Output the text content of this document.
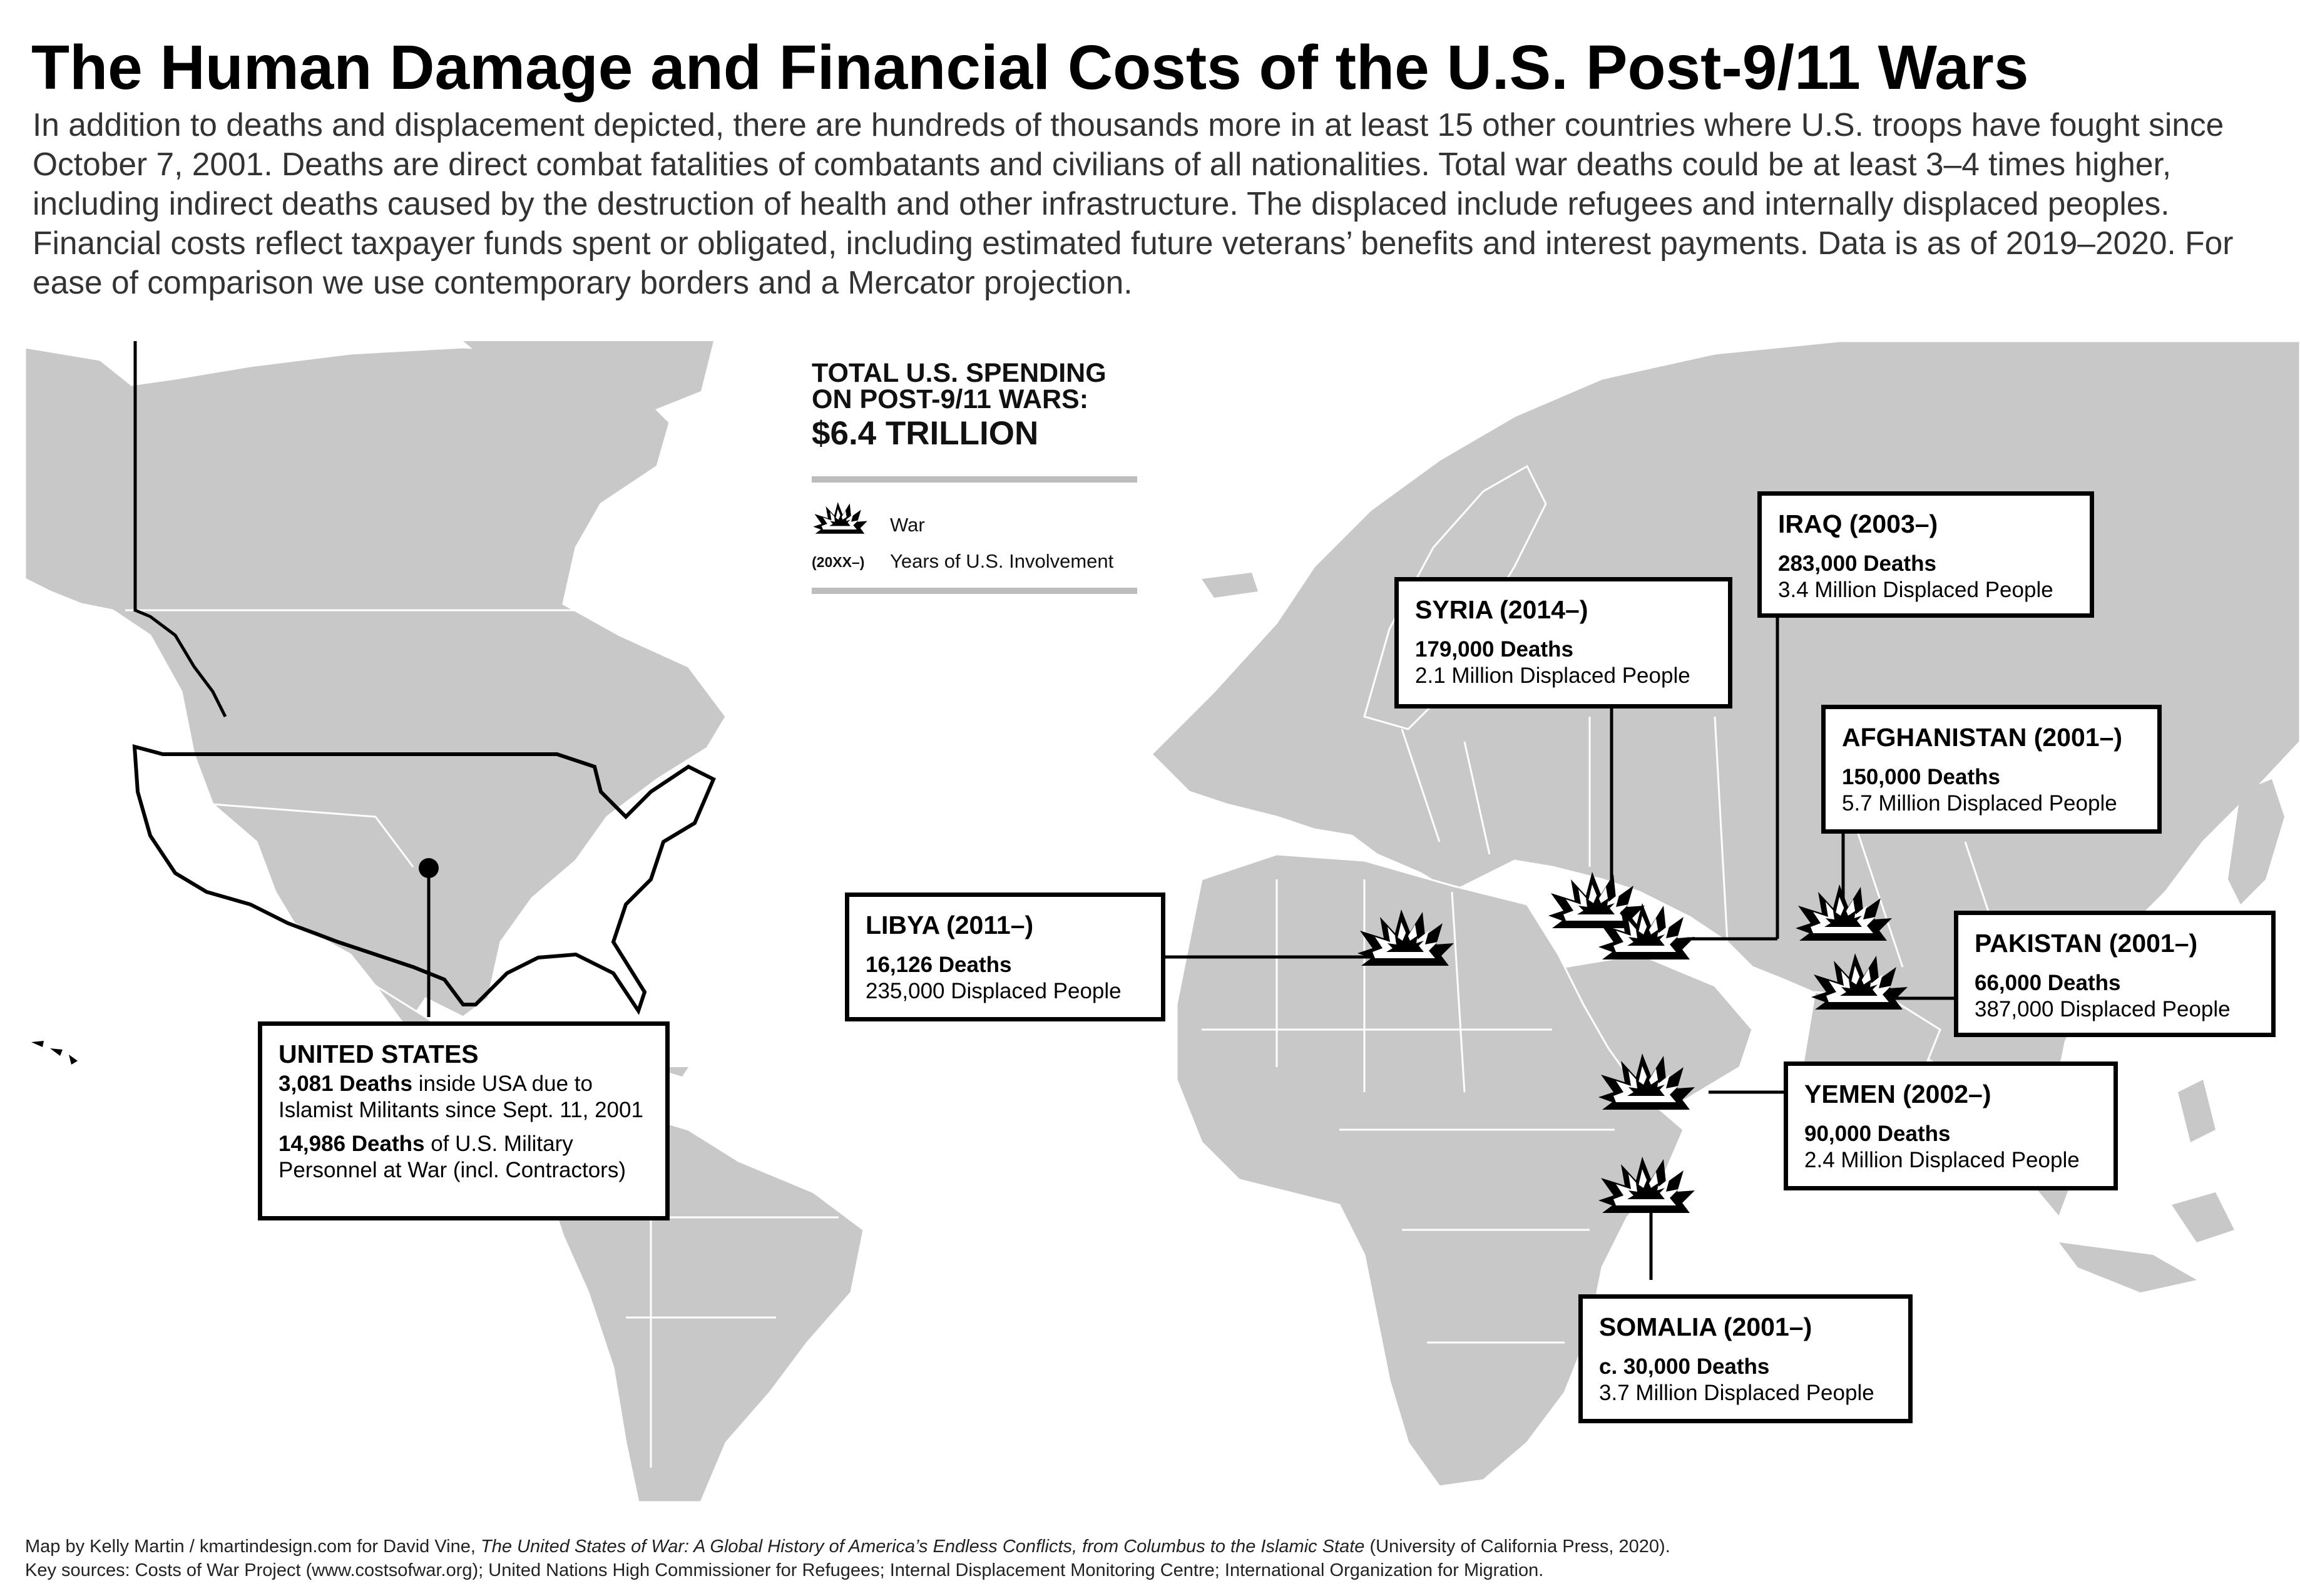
The Human Damage and Financial Costs of the U.S. Post-9/11 Wars
In addition to deaths and displacement depicted, there are hundreds of thousands more in at least 15 other countries where U.S. troops have fought since October 7, 2001. Deaths are direct combat fatalities of combatants and civilians of all nationalities. Total war deaths could be at least 3–4 times higher, including indirect deaths caused by the destruction of health and other infrastructure. The displaced include refugees and internally displaced peoples. Financial costs reflect taxpayer funds spent or obligated, including estimated future veterans’ benefits and interest payments. Data is as of 2019–2020. For ease of comparison we use contemporary borders and a Mercator projection.
TOTAL U.S. SPENDING
ON POST-9/11 WARS:
$6.4 TRILLION
War
(20XX–) Years of U.S. Involvement
UNITED STATES
3,081 Deaths inside USA due to
Islamist Militants since Sept. 11, 2001
14,986 Deaths of U.S. Military
Personnel at War (incl. Contractors)
LIBYA (2011–)
16,126 Deaths
235,000 Displaced People
SYRIA (2014–)
179,000 Deaths
2.1 Million Displaced People
IRAQ (2003–)
283,000 Deaths
3.4 Million Displaced People
AFGHANISTAN (2001–)
150,000 Deaths
5.7 Million Displaced People
PAKISTAN (2001–)
66,000 Deaths
387,000 Displaced People
YEMEN (2002–)
90,000 Deaths
2.4 Million Displaced People
SOMALIA (2001–)
c. 30,000 Deaths
3.7 Million Displaced People
Map by Kelly Martin / kmartindesign.com for David Vine, The United States of War: A Global History of America’s Endless Conflicts, from Columbus to the Islamic State (University of California Press, 2020).
Key sources: Costs of War Project (www.costsofwar.org); United Nations High Commissioner for Refugees; Internal Displacement Monitoring Centre; International Organization for Migration.
